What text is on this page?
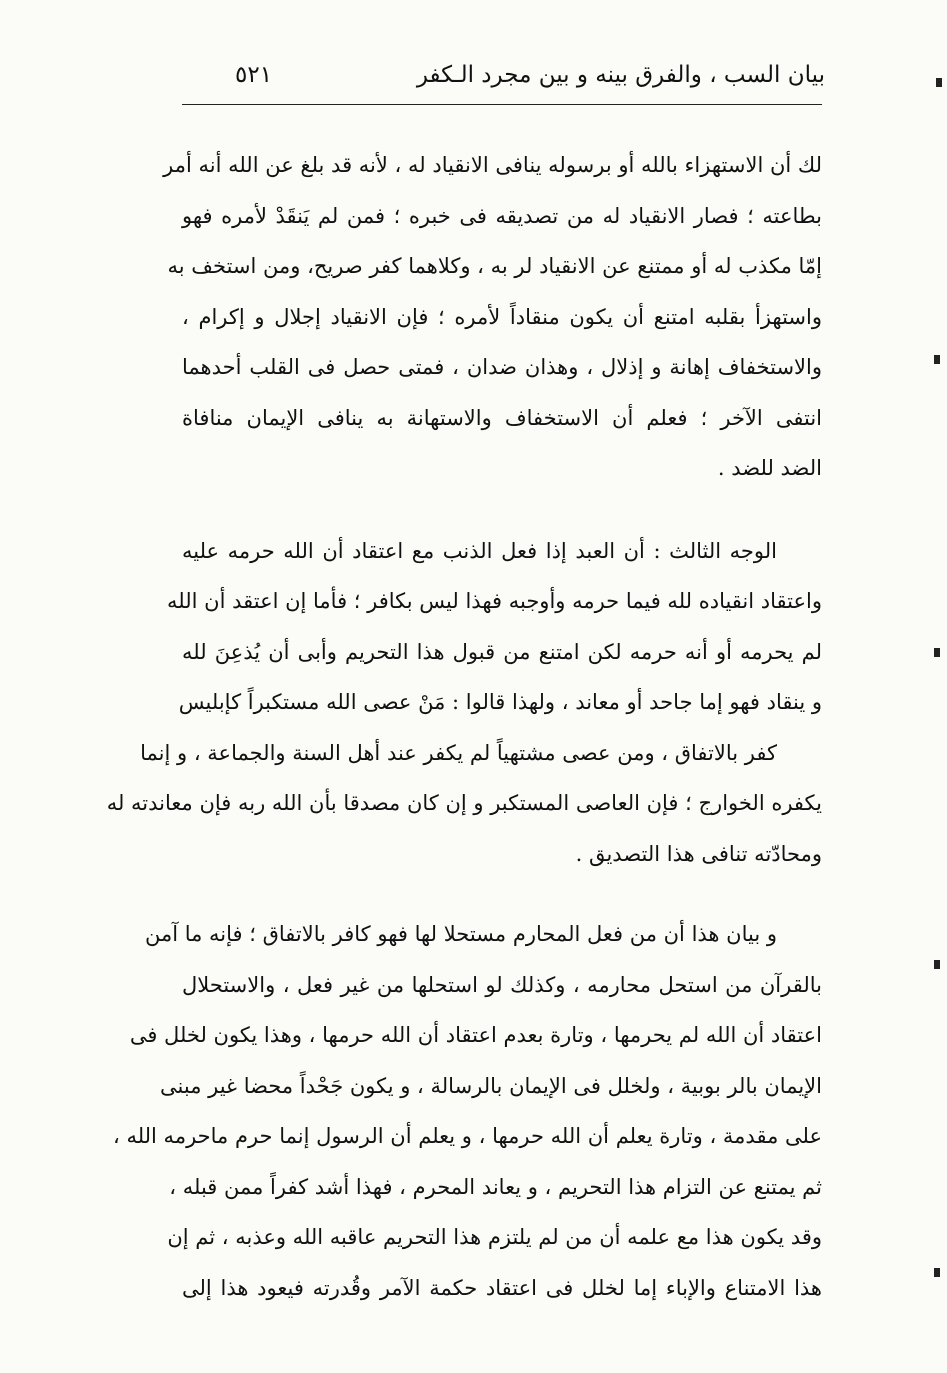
بيان السب ، والفرق بينه و بين مجرد الـكفر
٥٢١
لك أن الاستهزاء بالله أو برسوله ينافى الانقياد له ، لأنه قد بلغ عن الله أنه أمر
بطاعته ؛ فصار الانقياد له من تصديقه فى خبره ؛ فمن لم يَنقَدْ لأمره فهو
إمّا مكذب له أو ممتنع عن الانقياد لر به ، وكلاهما كفر صريح، ومن استخف به
واستهزأ بقلبه امتنع أن يكون منقاداً لأمره ؛ فإن الانقياد إجلال و إكرام ،
والاستخفاف إهانة و إذلال ، وهذان ضدان ، فمتى حصل فى القلب أحدهما
انتفى الآخر ؛ فعلم أن الاستخفاف والاستهانة به ينافى الإيمان منافاة
الضد للضد .
الوجه الثالث : أن العبد إذا فعل الذنب مع اعتقاد أن الله حرمه عليه
واعتقاد انقياده لله فيما حرمه وأوجبه فهذا ليس بكافر ؛ فأما إن اعتقد أن الله
لم يحرمه أو أنه حرمه لكن امتنع من قبول هذا التحريم وأبى أن يُذعِنَ لله
و ينقاد فهو إما جاحد أو معاند ، ولهذا قالوا : مَنْ عصى الله مستكبراً كإبليس
كفر بالاتفاق ، ومن عصى مشتهياً لم يكفر عند أهل السنة والجماعة ، و إنما
يكفره الخوارج ؛ فإن العاصى المستكبر و إن كان مصدقا بأن الله ربه فإن معاندته له
ومحادّته تنافى هذا التصديق .
و بيان هذا أن من فعل المحارم مستحلا لها فهو كافر بالاتفاق ؛ فإنه ما آمن
بالقرآن من استحل محارمه ، وكذلك لو استحلها من غير فعل ، والاستحلال
اعتقاد أن الله لم يحرمها ، وتارة بعدم اعتقاد أن الله حرمها ، وهذا يكون لخلل فى
الإيمان بالر بوبية ، ولخلل فى الإيمان بالرسالة ، و يكون جَحْداً محضا غير مبنى
على مقدمة ، وتارة يعلم أن الله حرمها ، و يعلم أن الرسول إنما حرم ماحرمه الله ،
ثم يمتنع عن التزام هذا التحريم ، و يعاند المحرم ، فهذا أشد كفراً ممن قبله ،
وقد يكون هذا مع علمه أن من لم يلتزم هذا التحريم عاقبه الله وعذبه ، ثم إن
هذا الامتناع والإباء إما لخلل فى اعتقاد حكمة الآمر وقُدرته فيعود هذا إلى
